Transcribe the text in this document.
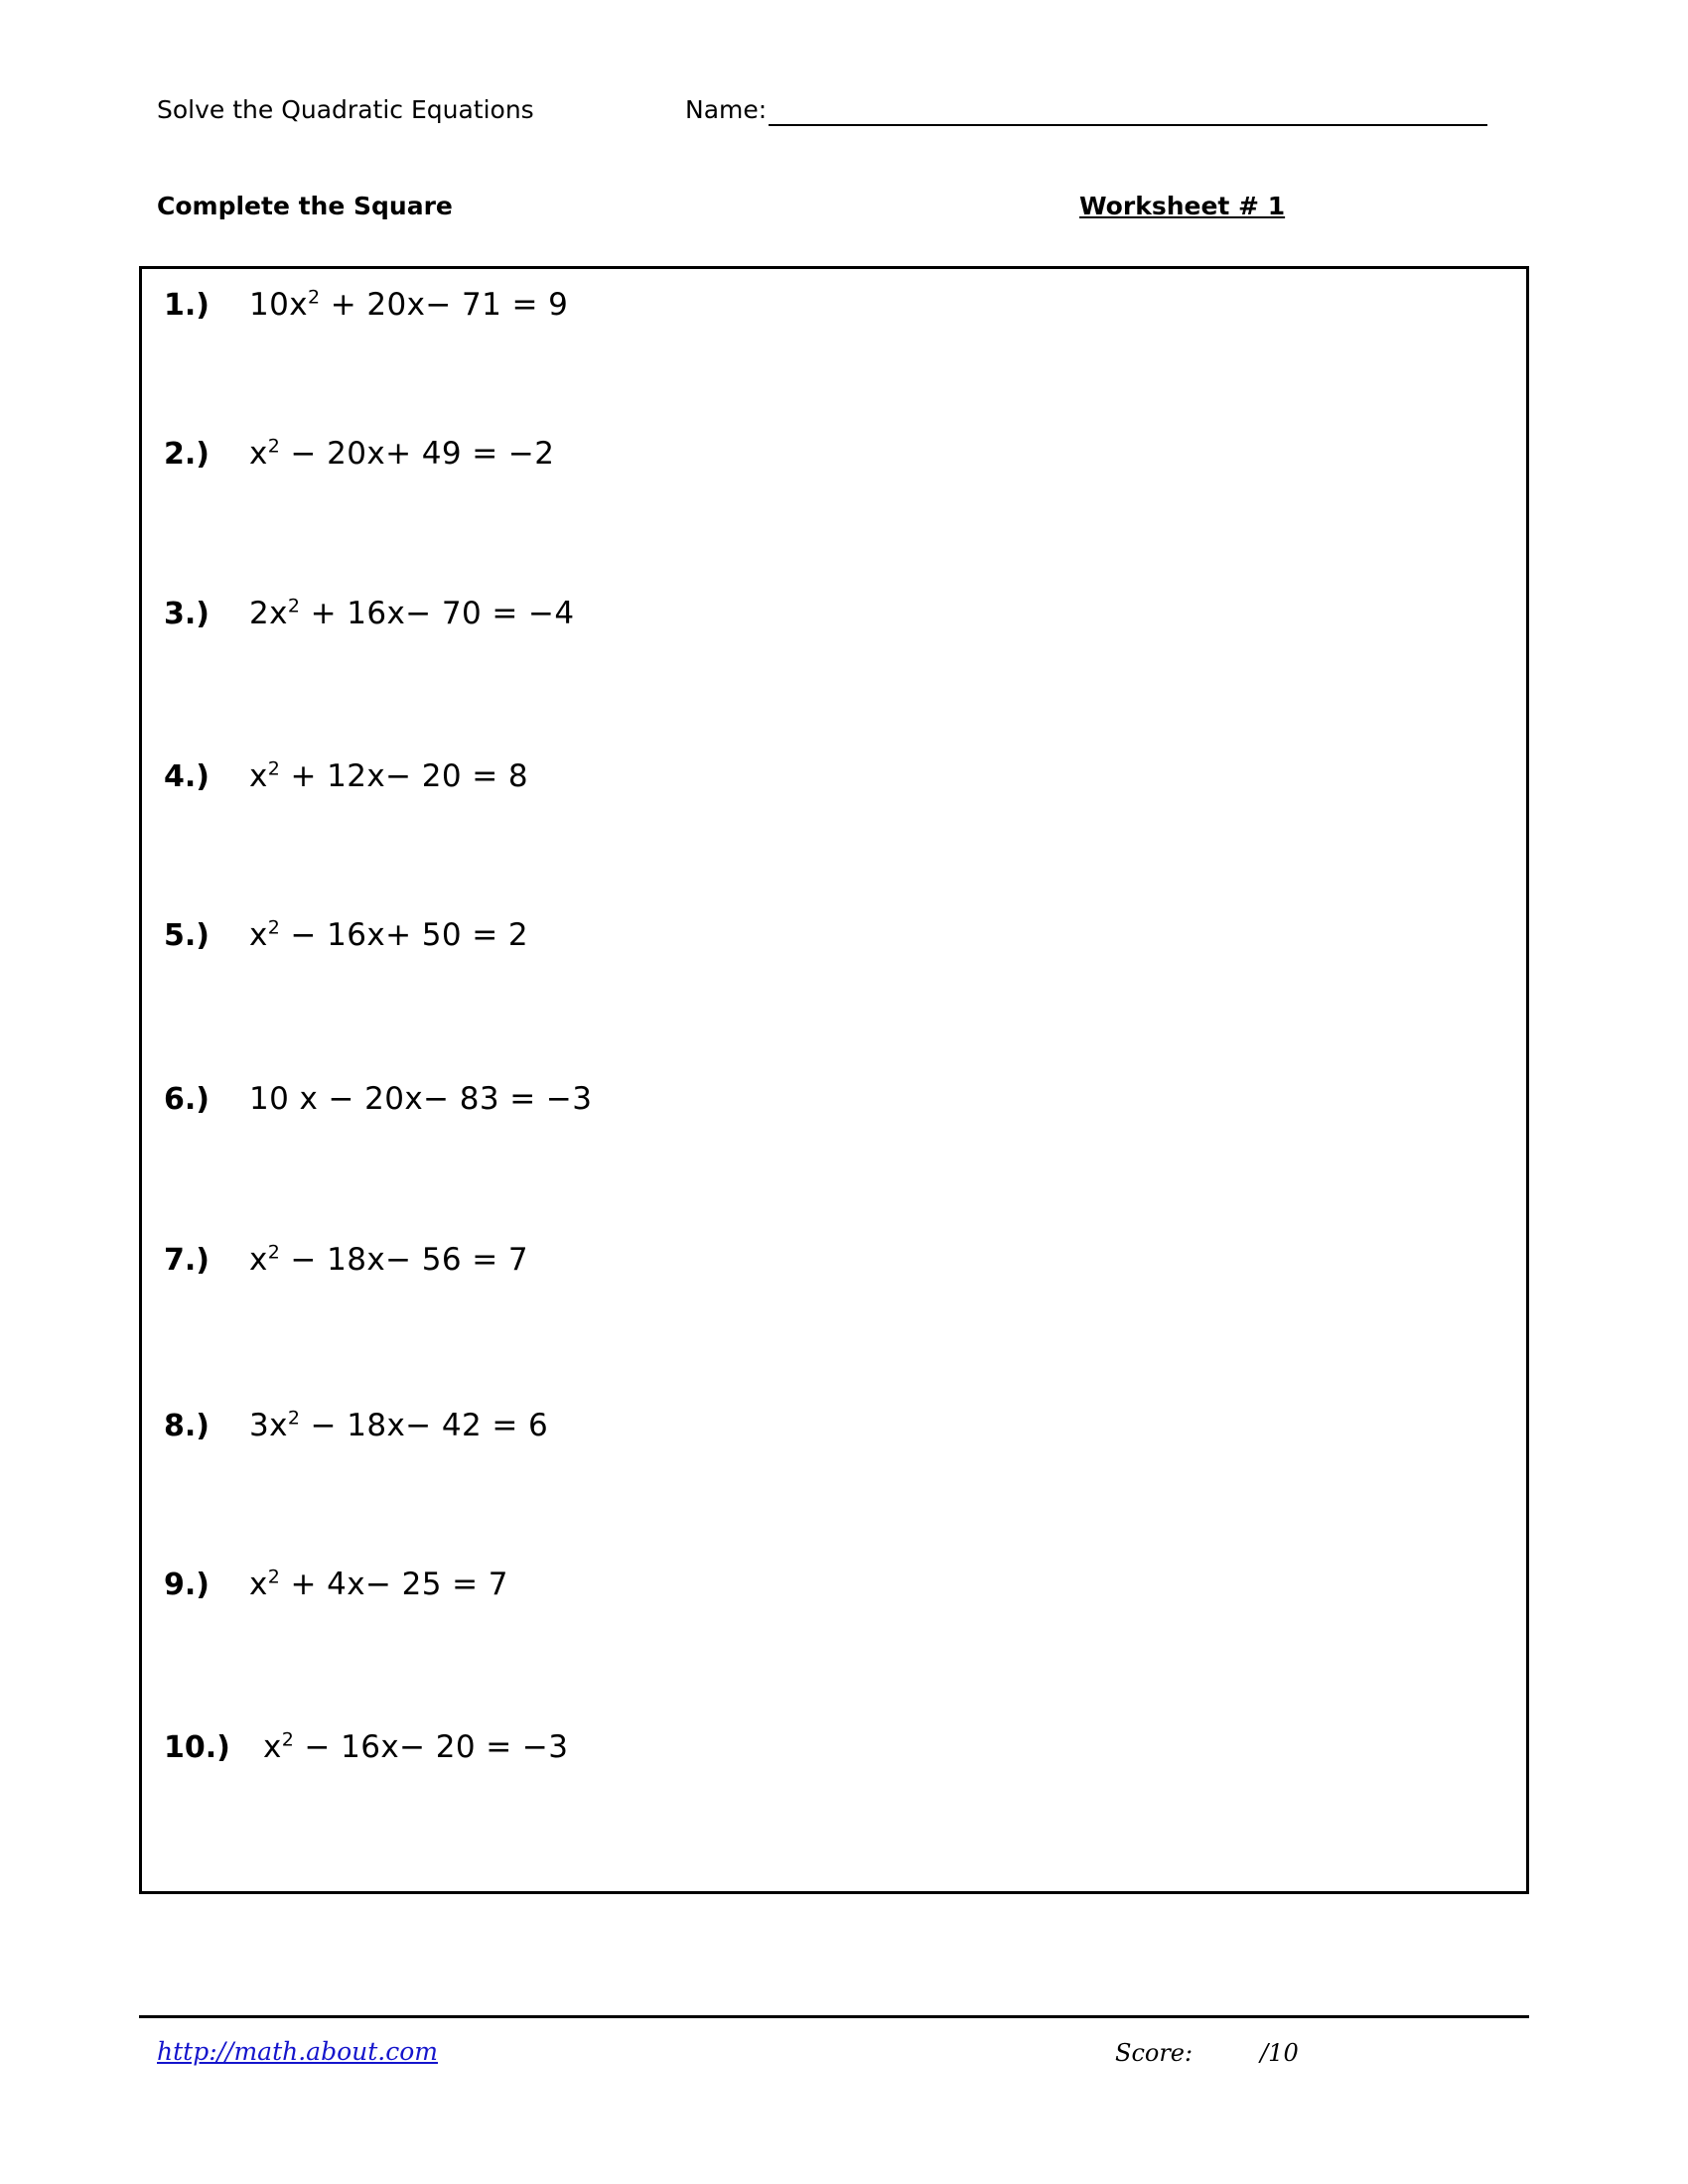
Solve the Quadratic Equations	Name:
Complete the Square	Worksheet # 1
1.)	$10x^2 + 20x- 71 = 9$
2.)	$x^2 - 20x+ 49 = -2$
3.)	$2x^2 + 16x- 70 = -4$
4.)	$x^2 + 12x- 20 = 8$
5.)	$x^2 - 16x+ 50 = 2$
6.)	10 x − 20x− 83 = −3
7.)	$x^2 - 18x- 56 = 7$
8.)	$3x^2 - 18x- 42 = 6$
9.)	$x^2 + 4x- 25 = 7$
10.)	$x^2 - 16x- 20 = -3$
http://math.about.com	Score:	/10
